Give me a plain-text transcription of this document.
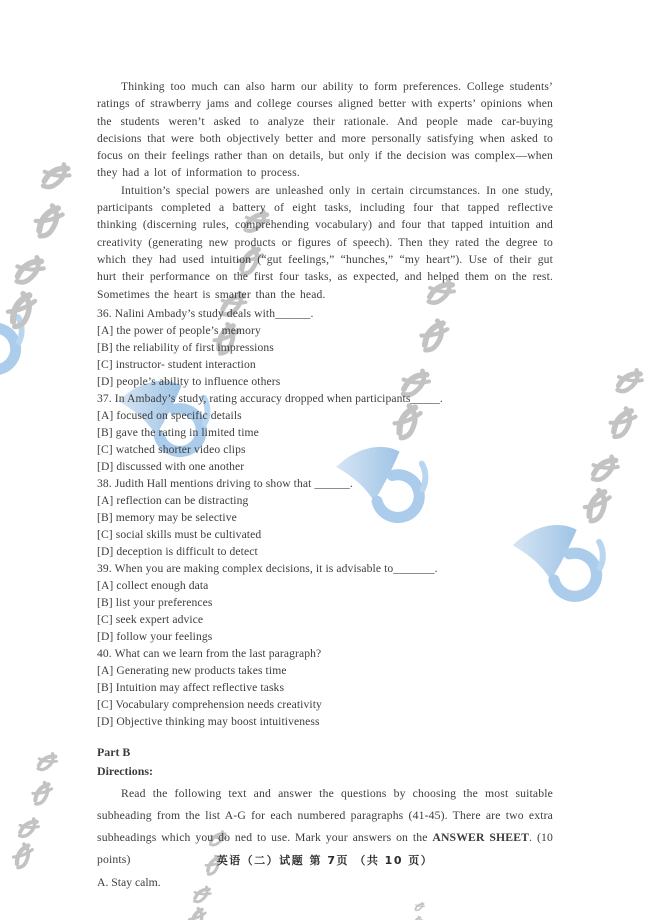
Thinking too much can also harm our ability to form preferences. College students’ ratings of strawberry jams and college courses aligned better with experts’ opinions when the students weren’t asked to analyze their rationale. And people made car-buying decisions that were both objectively better and more personally satisfying when asked to focus on their feelings rather than on details, but only if the decision was complex—when they had a lot of information to process.

Intuition’s special powers are unleashed only in certain circumstances. In one study, participants completed a battery of eight tasks, including four that tapped reflective thinking (discerning rules, comprehending vocabulary) and four that tapped intuition and creativity (generating new products or figures of speech). Then they rated the degree to which they had used intuition (“gut feelings,” “hunches,” “my heart”). Use of their gut hurt their performance on the first four tasks, as expected, and helped them on the rest. Sometimes the heart is smarter than the head.

36. Nalini Ambady’s study deals with______.
[A] the power of people’s memory
[B] the reliability of first impressions
[C] instructor- student interaction
[D] people’s ability to influence others
37. In Ambady’s study, rating accuracy dropped when participants_____.
[A] focused on specific details
[B] gave the rating in limited time
[C] watched shorter video clips
[D] discussed with one another
38. Judith Hall mentions driving to show that ______.
[A] reflection can be distracting
[B] memory may be selective
[C] social skills must be cultivated
[D] deception is difficult to detect
39. When you are making complex decisions, it is advisable to_______.
[A] collect enough data
[B] list your preferences
[C] seek expert advice
[D] follow your feelings
40. What can we learn from the last paragraph?
[A] Generating new products takes time
[B] Intuition may affect reflective tasks
[C] Vocabulary comprehension needs creativity
[D] Objective thinking may boost intuitiveness
Part B
Directions:

Read the following text and answer the questions by choosing the most suitable subheading from the list A-G for each numbered paragraphs (41-45). There are two extra subheadings which you do ned to use. Mark your answers on the ANSWER SHEET. (10 points)

A. Stay calm.
英语（二）试题 第 7页 （共 10 页）
